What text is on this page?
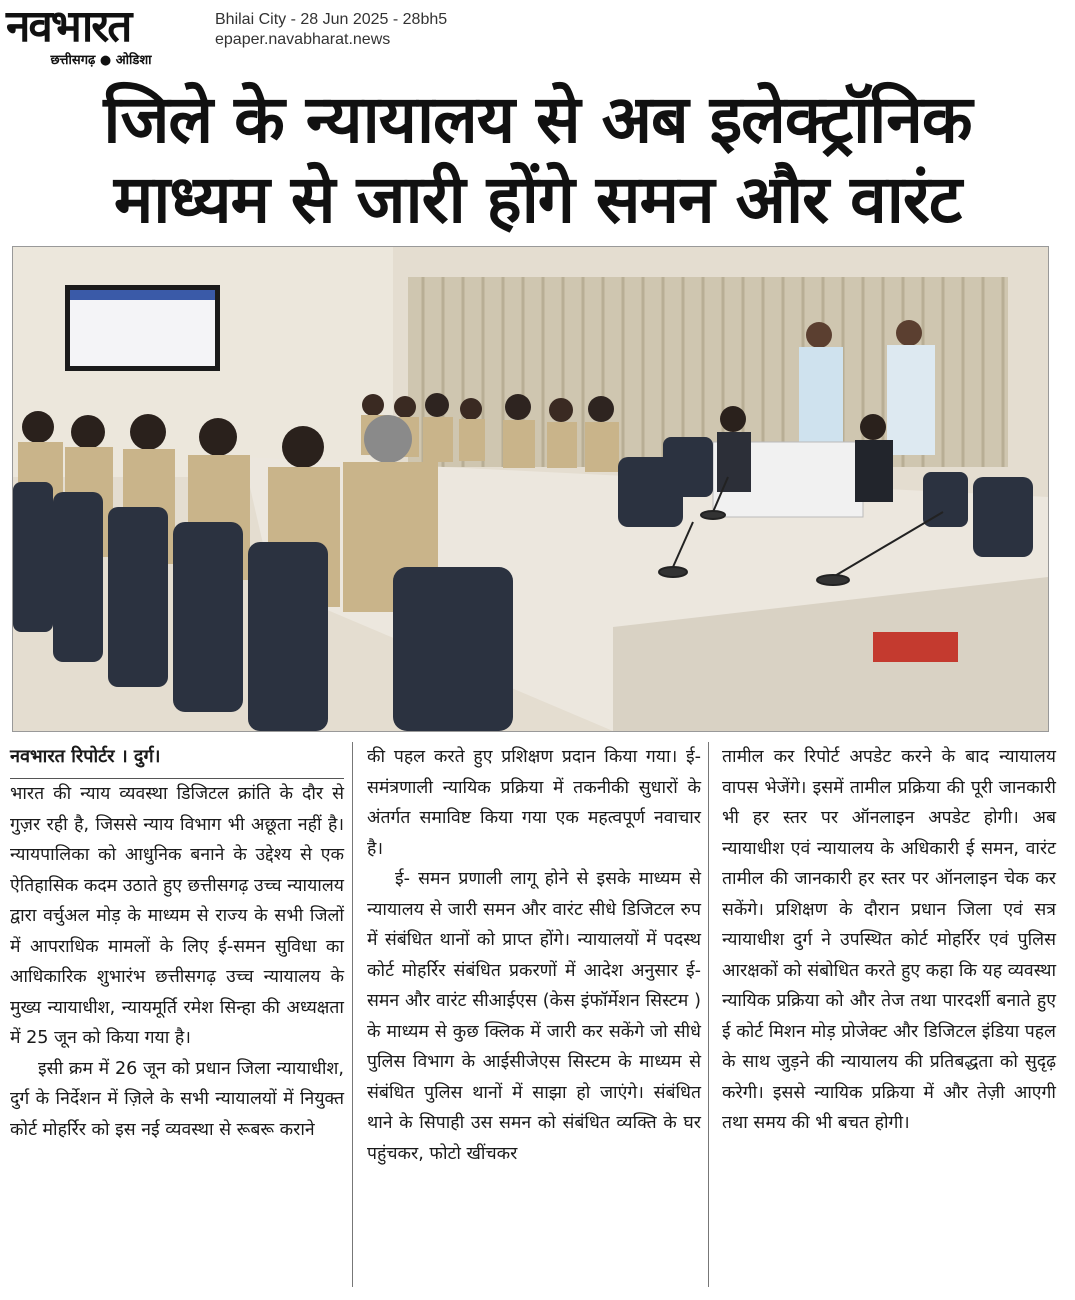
नवभारत
छत्तीसगढ़ ● ओडिशा
Bhilai City - 28 Jun 2025 - 28bh5
epaper.navabharat.news
जिले के न्यायालय से अब इलेक्ट्रॉनिक
माध्यम से जारी होंगे समन और वारंट

नवभारत रिपोर्टर । दुर्ग।

भारत की न्याय व्यवस्था डिजिटल क्रांति के दौर से गुज़र रही है, जिससे न्याय विभाग भी अछूता नहीं है। न्यायपालिका को आधुनिक बनाने के उद्देश्य से एक ऐतिहासिक कदम उठाते हुए छत्तीसगढ़ उच्च न्यायालय द्वारा वर्चुअल मोड़ के माध्यम से राज्य के सभी जिलों में आपराधिक मामलों के लिए ई-समन सुविधा का आधिकारिक शुभारंभ छत्तीसगढ़ उच्च न्यायालय के मुख्य न्यायाधीश, न्यायमूर्ति रमेश सिन्हा की अध्यक्षता में 25 जून को किया गया है।

इसी क्रम में 26 जून को प्रधान जिला न्यायाधीश, दुर्ग के निर्देशन में ज़िले के सभी न्यायालयों में नियुक्त कोर्ट मोहर्रिर को इस नई व्यवस्था से रूबरू कराने

की पहल करते हुए प्रशिक्षण प्रदान किया गया। ई- समंत्रणाली न्यायिक प्रक्रिया में तकनीकी सुधारों के अंतर्गत समाविष्ट किया गया एक महत्वपूर्ण नवाचार है।

ई- समन प्रणाली लागू होने से इसके माध्यम से न्यायालय से जारी समन और वारंट सीधे डिजिटल रुप में संबंधित थानों को प्राप्त होंगे। न्यायालयों में पदस्थ कोर्ट मोहर्रिर संबंधित प्रकरणों में आदेश अनुसार ई- समन और वारंट सीआईएस (केस इंफॉर्मेशन सिस्टम ) के माध्यम से कुछ क्लिक में जारी कर सकेंगे जो सीधे पुलिस विभाग के आईसीजेएस सिस्टम के माध्यम से संबंधित पुलिस थानों में साझा हो जाएंगे। संबंधित थाने के सिपाही उस समन को संबंधित व्यक्ति के घर पहुंचकर, फोटो खींचकर

तामील कर रिपोर्ट अपडेट करने के बाद न्यायालय वापस भेजेंगे। इसमें तामील प्रक्रिया की पूरी जानकारी भी हर स्तर पर ऑनलाइन अपडेट होगी। अब न्यायाधीश एवं न्यायालय के अधिकारी ई समन, वारंट तामील की जानकारी हर स्तर पर ऑनलाइन चेक कर सकेंगे। प्रशिक्षण के दौरान प्रधान जिला एवं सत्र न्यायाधीश दुर्ग ने उपस्थित कोर्ट मोहर्रिर एवं पुलिस आरक्षकों को संबोधित करते हुए कहा कि यह व्यवस्था न्यायिक प्रक्रिया को और तेज तथा पारदर्शी बनाते हुए ई कोर्ट मिशन मोड़ प्रोजेक्ट और डिजिटल इंडिया पहल के साथ जुड़ने की न्यायालय की प्रतिबद्धता को सुदृढ़ करेगी। इससे न्यायिक प्रक्रिया में और तेज़ी आएगी तथा समय की भी बचत होगी।
